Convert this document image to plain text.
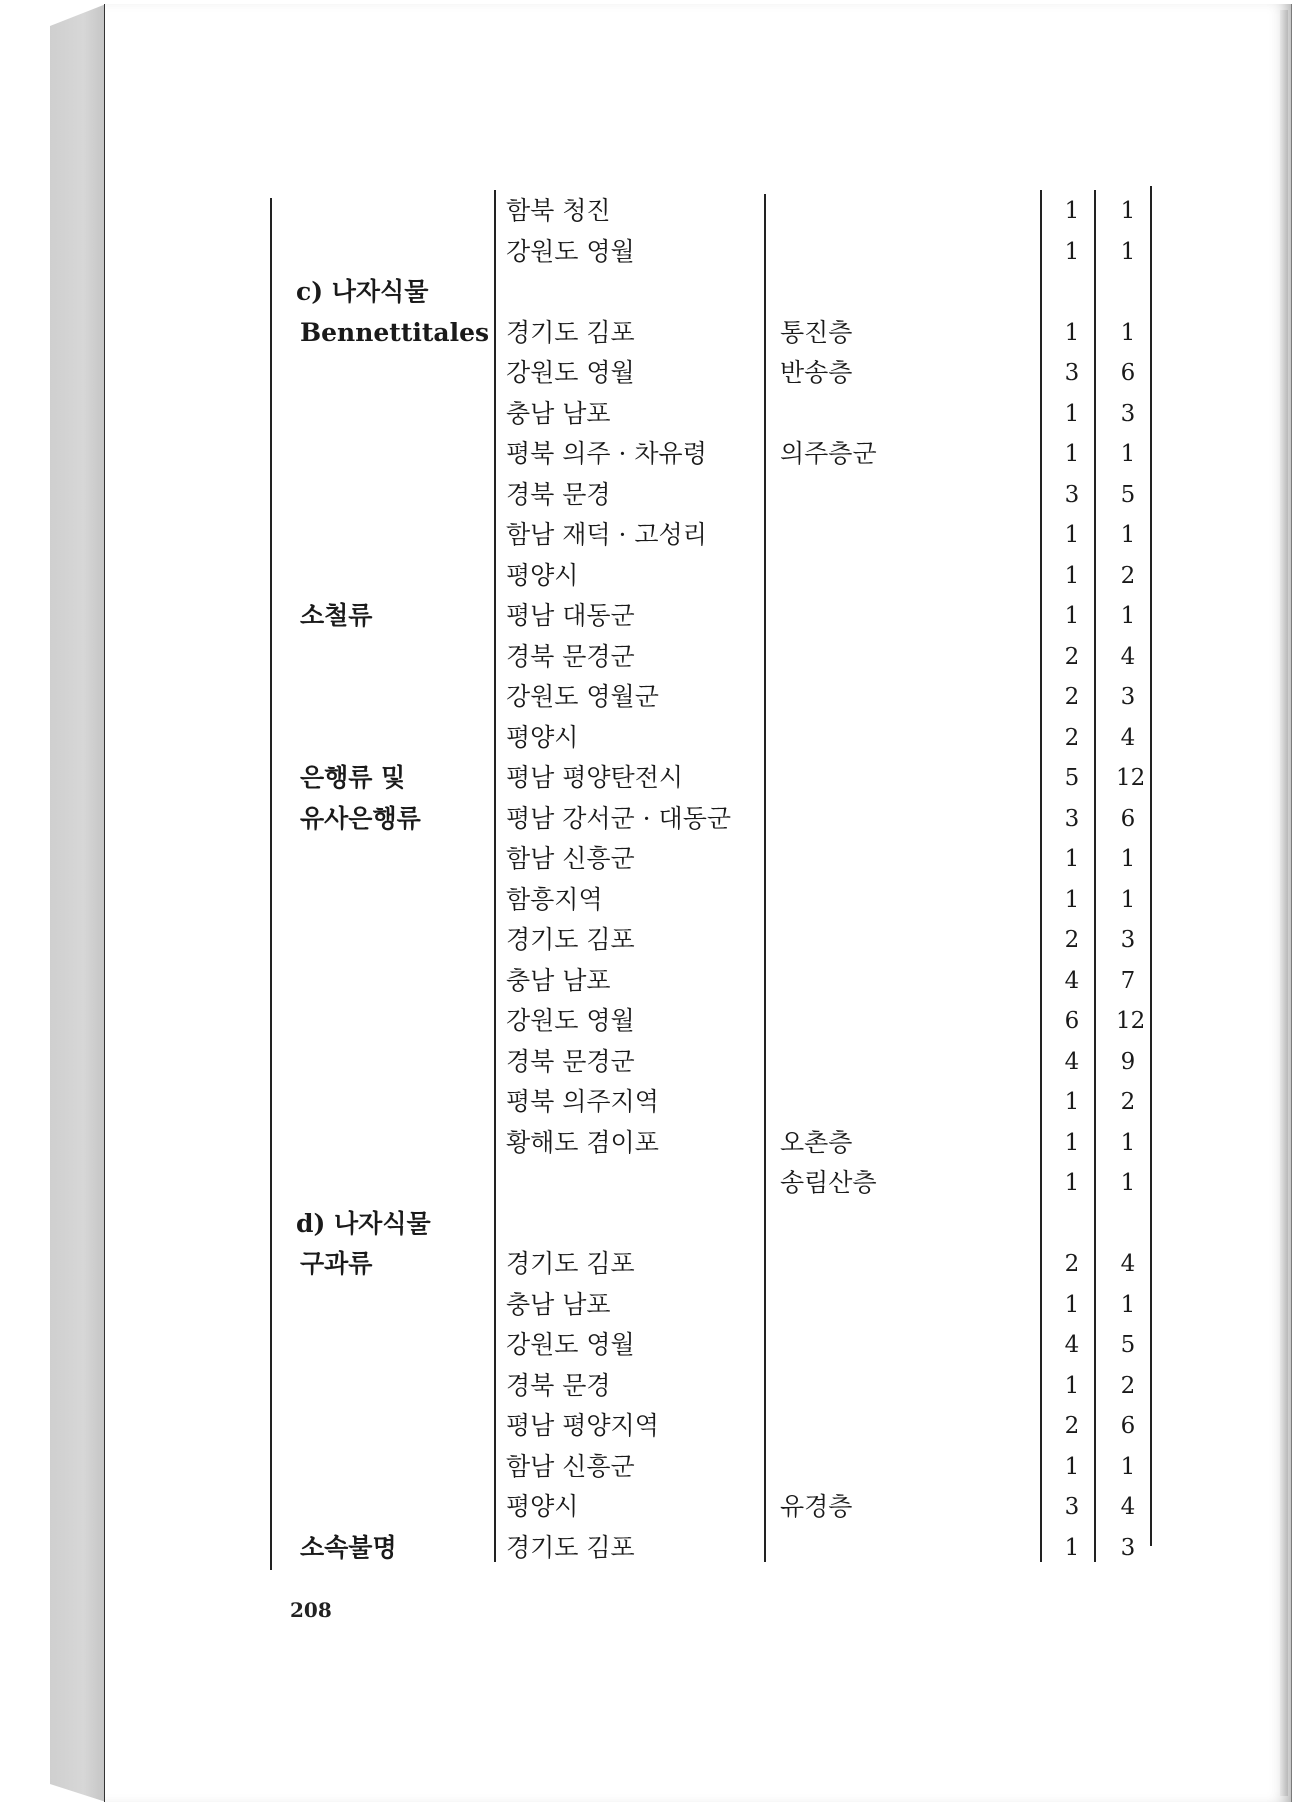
함북 청진	1 1
강원도 영월	1 1
c) 나자식물
Bennettitales 경기도 김포	통진층	1 1
강원도 영월	반송층	3 6
충남 남포	1 3
평북 의주 · 차유령	의주층군	1 1
경북 문경	3 5
함남 재덕 · 고성리	1 1
평양시	1 2
소철류	평남 대동군	1 1
경북 문경군	2 4
강원도 영월군	2 3
평양시	2 4
은행류 및	평남 평양탄전시	5 12
유사은행류	평남 강서군 · 대동군	3 6
함남 신흥군	1 1
함흥지역	1 1
경기도 김포	2 3
충남 남포	4 7
강원도 영월	6 12
경북 문경군	4 9
평북 의주지역	1 2
황해도 겸이포	오촌층	1 1
송림산층	1 1
d) 나자식물
구과류	경기도 김포	2 4
충남 남포	1 1
강원도 영월	4 5
경북 문경	1 2
평남 평양지역	2 6
함남 신흥군	1 1
평양시	유경층	3 4
소속불명	경기도 김포	1 3
208
